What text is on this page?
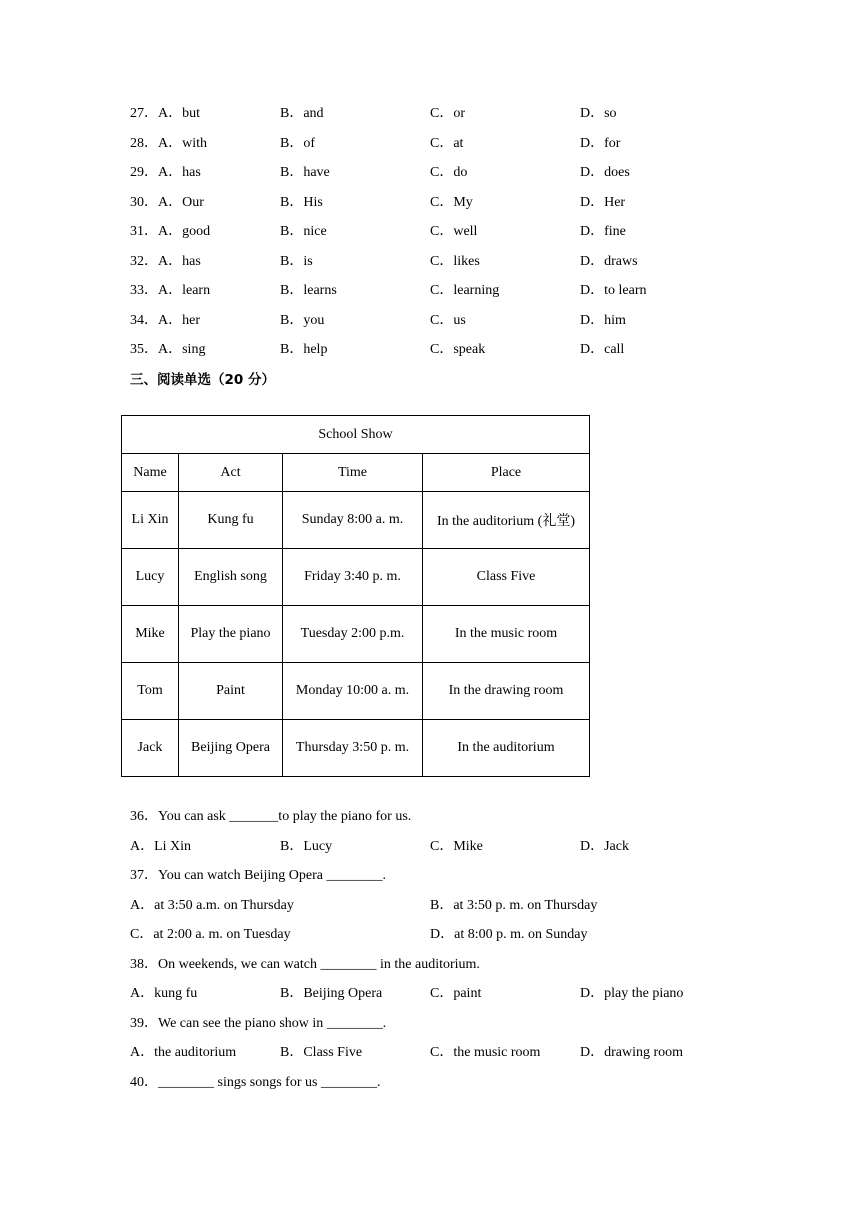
27．A．but	B．and	C．or	D．so
28．A．with	B．of	C．at	D．for
29．A．has	B．have	C．do	D．does
30．A．Our	B．His	C．My	D．Her
31．A．good	B．nice	C．well	D．fine
32．A．has	B．is	C．likes	D．draws
33．A．learn	B．learns	C．learning	D．to learn
34．A．her	B．you	C．us	D．him
35．A．sing	B．help	C．speak	D．call
三、阅读单选（20 分）
School Show			
Name	Act	Time	Place
Li Xin	Kung fu	Sunday 8:00 a. m.	In the auditorium (礼堂)
Lucy	English song	Friday 3:40 p. m.	Class Five
Mike	Play the piano	Tuesday 2:00 p.m.	In the music room
Tom	Paint	Monday 10:00 a. m.	In the drawing room
Jack	Beijing Opera	Thursday 3:50 p. m.	In the auditorium
36．You can ask _______to play the piano for us.
A．Li Xin	B．Lucy	C．Mike	D．Jack
37．You can watch Beijing Opera ________.
A．at 3:50 a.m. on Thursday	B．at 3:50 p. m. on Thursday
C．at 2:00 a. m. on Tuesday	D．at 8:00 p. m. on Sunday
38．On weekends, we can watch ________ in the auditorium.
A．kung fu	B．Beijing Opera	C．paint	D．play the piano
39．We can see the piano show in ________.
A．the auditorium	B．Class Five	C．the music room	D．drawing room
40．________ sings songs for us ________.
